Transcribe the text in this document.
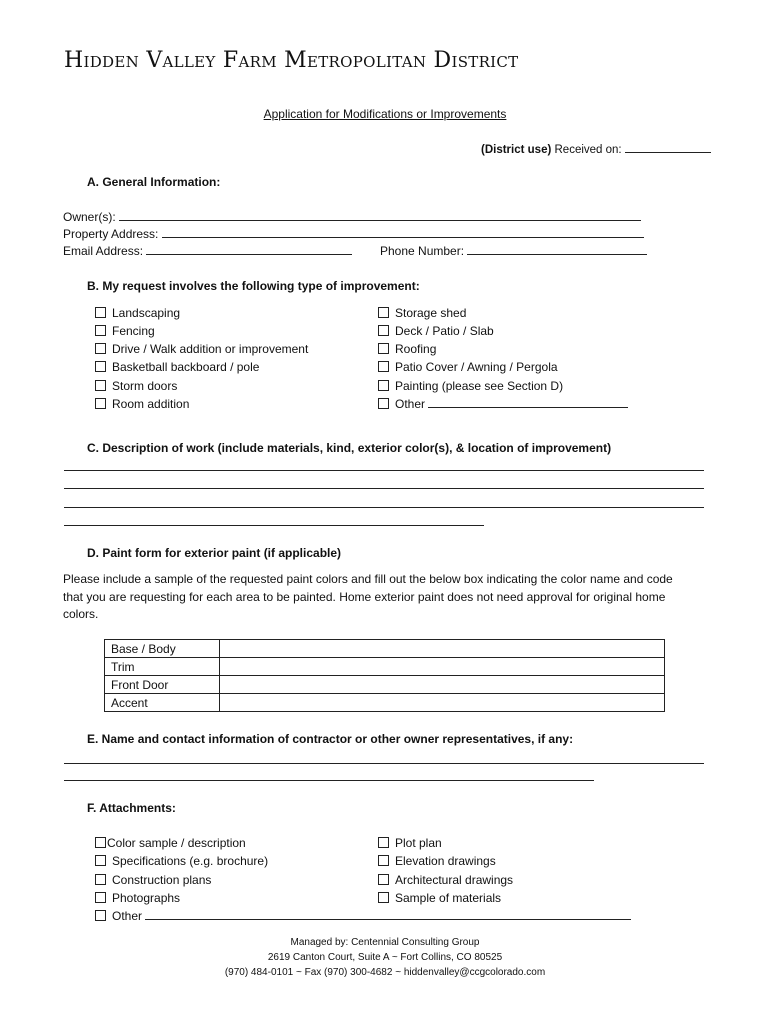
Hidden Valley Farm Metropolitan District
Application for Modifications or Improvements
(District use) Received on:
A. General Information:
Owner(s):
Property Address:
Email Address:	Phone Number:
B. My request involves the following type of improvement:
Landscaping
Fencing
Drive / Walk addition or improvement
Basketball backboard / pole
Storm doors
Room addition
Storage shed
Deck / Patio / Slab
Roofing
Patio Cover / Awning / Pergola
Painting (please see Section D)
Other
C. Description of work (include materials, kind, exterior color(s), & location of improvement)
D. Paint form for exterior paint (if applicable)
Please include a sample of the requested paint colors and fill out the below box indicating the color name and code
that you are requesting for each area to be painted. Home exterior paint does not need approval for original home
colors.
Base / Body	
Trim	
Front Door	
Accent	
E. Name and contact information of contractor or other owner representatives, if any:
F. Attachments:
Color sample / description
Specifications (e.g. brochure)
Construction plans
Photographs
Other
Plot plan
Elevation drawings
Architectural drawings
Sample of materials
Managed by: Centennial Consulting Group
2619 Canton Court, Suite A ~ Fort Collins, CO 80525
(970) 484-0101 ~ Fax (970) 300-4682 ~ hiddenvalley@ccgcolorado.com
